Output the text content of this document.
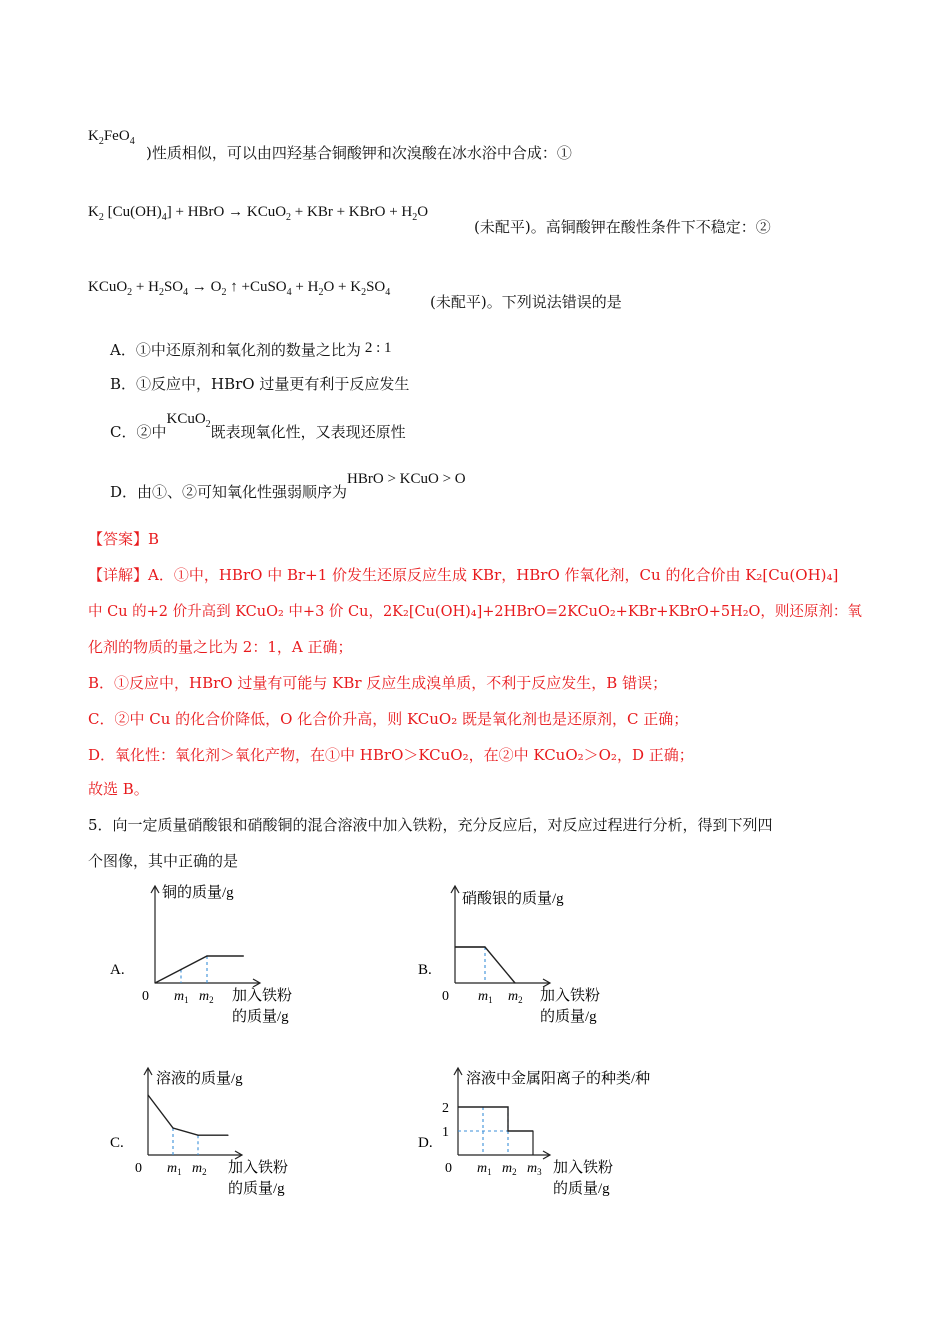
$K_2FeO_4$
)性质相似，可以由四羟基合铜酸钾和次溴酸在冰水浴中合成：①
$K_2$ $[Cu(OH)_4]$ + HBrO → KCuO$_2$ + KBr + KBrO + $H_2O$
(未配平)。高铜酸钾在酸性条件下不稳定：②
KCuO$_2$ + $H_2SO_4 \to O_2$ ↑ +CuSO$_4$ + $H_2O + K_2SO_4$
(未配平)。下列说法错误的是
A．①中还原剂和氧化剂的数量之比为 2 : 1
B．①反应中，HBrO 过量更有利于反应发生
C．②中KCuO$_2$既表现氧化性，又表现还原性
D．由①、②可知氧化性强弱顺序为HBrO > KCuO > O
【答案】B
【详解】A．①中，HBrO 中 Br+1 价发生还原反应生成 KBr，HBrO 作氧化剂，Cu 的化合价由 K₂[Cu(OH)₄]
中 Cu 的+2 价升高到 KCuO₂ 中+3 价 Cu，2K₂[Cu(OH)₄]+2HBrO=2KCuO₂+KBr+KBrO+5H₂O，则还原剂：氧
化剂的物质的量之比为 2：1，A 正确；
B．①反应中，HBrO 过量有可能与 KBr 反应生成溴单质，不利于反应发生，B 错误；
C．②中 Cu 的化合价降低，O 化合价升高，则 KCuO₂ 既是氧化剂也是还原剂，C 正确；
D．氧化性：氧化剂＞氧化产物，在①中 HBrO＞KCuO₂，在②中 KCuO₂＞O₂，D 正确；
故选 B。
5．向一定质量硝酸银和硝酸铜的混合溶液中加入铁粉，充分反应后，对反应过程进行分析，得到下列四
个图像，其中正确的是
A.
铜的质量/g
加入铁粉
的质量/g
0 $m_1$ $m_2$
B.
硝酸银的质量/g
加入铁粉
的质量/g
0 $m_1$ $m_2$
C.
溶液的质量/g
加入铁粉
的质量/g
0 $m_1$ $m_2$
D.
溶液中金属阳离子的种类/种
加入铁粉
的质量/g
0 $m_1$ $m_2$ $m_3$
1
2
